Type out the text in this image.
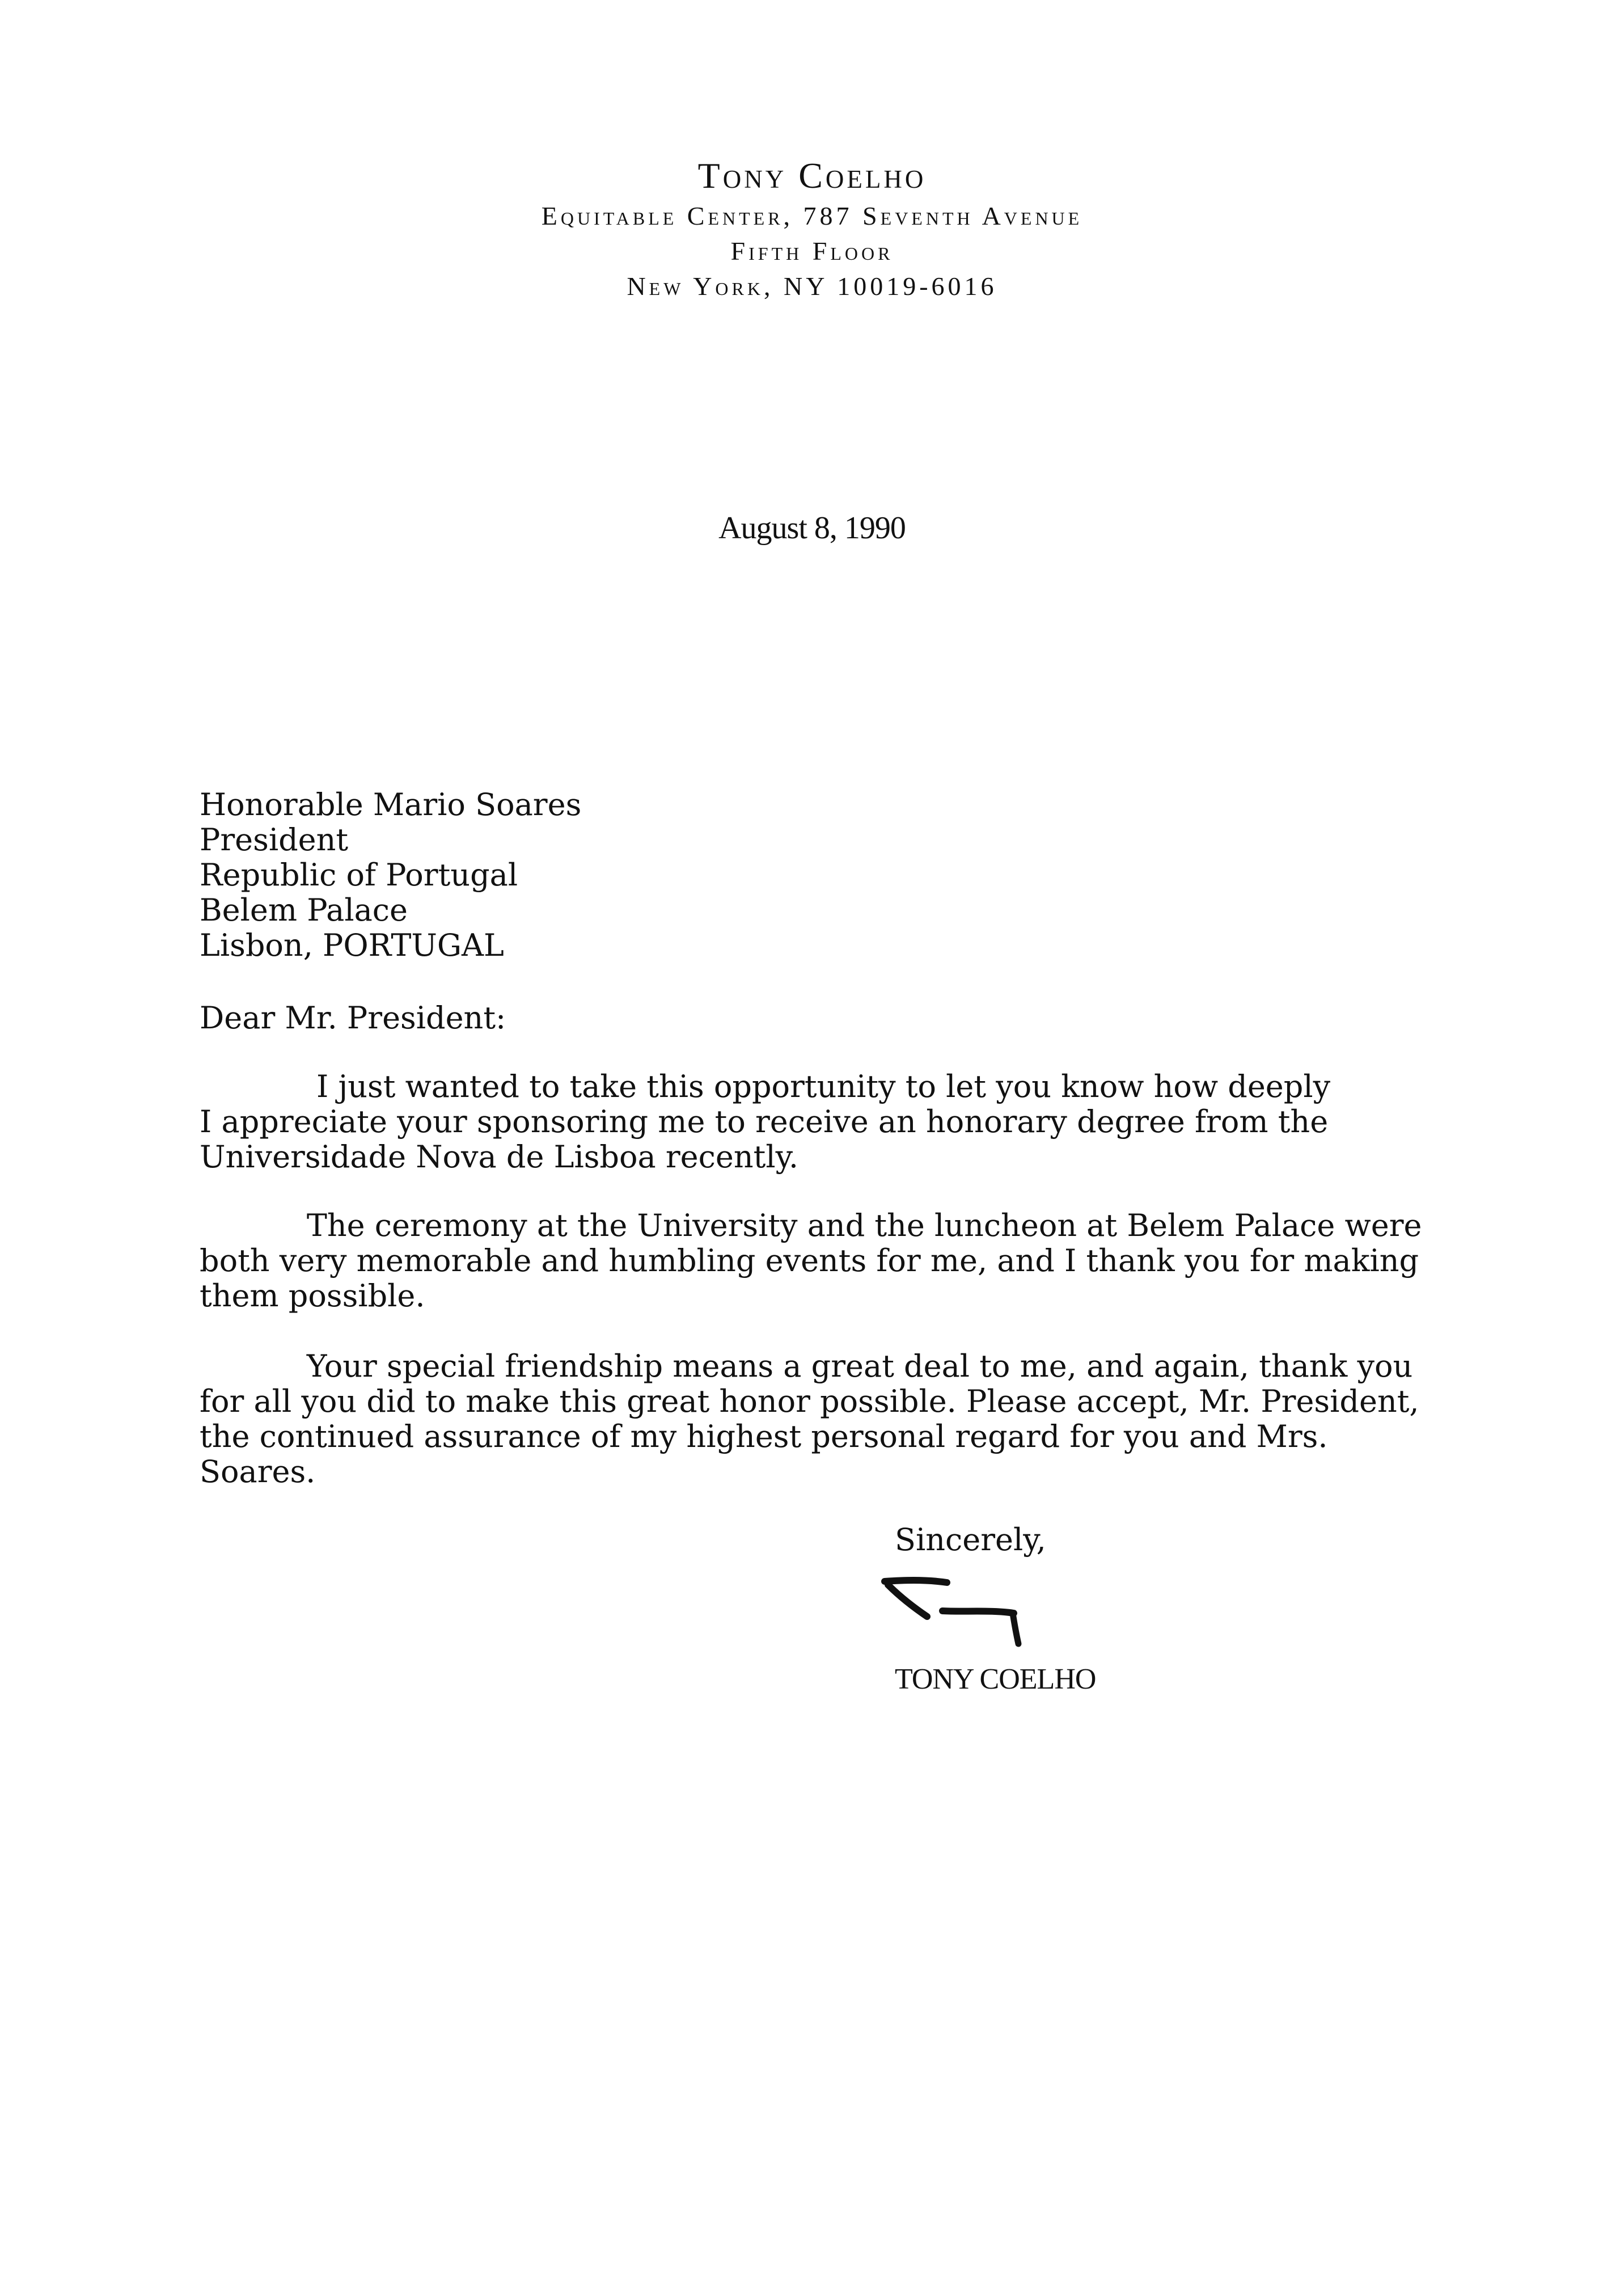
Tony Coelho
Equitable Center, 787 Seventh Avenue
Fifth Floor
New York, NY 10019-6016
August 8, 1990
Honorable Mario Soares
President
Republic of Portugal
Belem Palace
Lisbon, PORTUGAL
Dear Mr. President:
I just wanted to take this opportunity to let you know how deeply
I appreciate your sponsoring me to receive an honorary degree from the
Universidade Nova de Lisboa recently.
The ceremony at the University and the luncheon at Belem Palace were
both very memorable and humbling events for me, and I thank you for making
them possible.
Your special friendship means a great deal to me, and again, thank you
for all you did to make this great honor possible. Please accept, Mr. President,
the continued assurance of my highest personal regard for you and Mrs.
Soares.
Sincerely,
TONY COELHO
